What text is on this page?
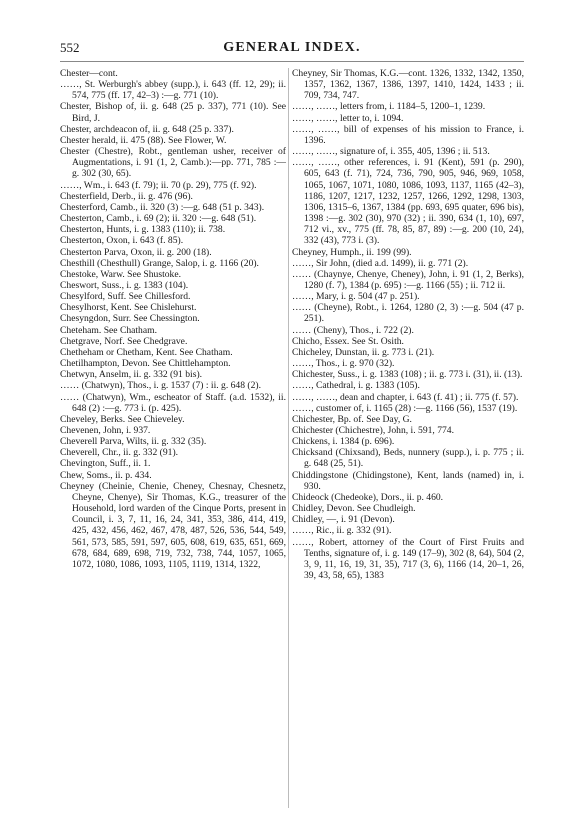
552	GENERAL INDEX.

Chester—cont.

……, St. Werburgh's abbey (supp.), i. 643 (ff. 12, 29); ii. 574, 775 (ff. 17, 42–3) :—g. 771 (10).

Chester, Bishop of, ii. g. 648 (25 p. 337), 771 (10). See Bird, J.

Chester, archdeacon of, ii. g. 648 (25 p. 337).

Chester herald, ii. 475 (88). See Flower, W.

Chester (Chestre), Robt., gentleman usher, receiver of Augmentations, i. 91 (1, 2, Camb.):—pp. 771, 785 :—g. 302 (30, 65).

……, Wm., i. 643 (f. 79); ii. 70 (p. 29), 775 (f. 92).

Chesterfield, Derb., ii. g. 476 (96).

Chesterford, Camb., ii. 320 (3) :—g. 648 (51 p. 343).

Chesterton, Camb., i. 69 (2); ii. 320 :—g. 648 (51).

Chesterton, Hunts, i. g. 1383 (110); ii. 738.

Chesterton, Oxon, i. 643 (f. 85).

Chesterton Parva, Oxon, ii. g. 200 (18).

Chesthill (Chesthull) Grange, Salop, i. g. 1166 (20).

Chestoke, Warw. See Shustoke.

Cheswort, Suss., i. g. 1383 (104).

Chesylford, Suff. See Chillesford.

Chesylhorst, Kent. See Chislehurst.

Chesyngdon, Surr. See Chessington.

Cheteham. See Chatham.

Chetgrave, Norf. See Chedgrave.

Chetheham or Chetham, Kent. See Chatham.

Chetilhampton, Devon. See Chittlehampton.

Chetwyn, Anselm, ii. g. 332 (91 bis).

…… (Chatwyn), Thos., i. g. 1537 (7) : ii. g. 648 (2).

…… (Chatwyn), Wm., escheator of Staff. (a.d. 1532), ii. 648 (2) :—g. 773 i. (p. 425).

Cheveley, Berks. See Chieveley.

Chevenen, John, i. 937.

Cheverell Parva, Wilts, ii. g. 332 (35).

Cheverell, Chr., ii. g. 332 (91).

Chevington, Suff., ii. 1.

Chew, Soms., ii. p. 434.

Cheyney (Cheinie, Chenie, Cheney, Chesnay, Chesnetz, Cheyne, Chenye), Sir Thomas, K.G., treasurer of the Household, lord warden of the Cinque Ports, present in Council, i. 3, 7, 11, 16, 24, 341, 353, 386, 414, 419, 425, 432, 456, 462, 467, 478, 487, 526, 536, 544, 549, 561, 573, 585, 591, 597, 605, 608, 619, 635, 651, 669, 678, 684, 689, 698, 719, 732, 738, 744, 1057, 1065, 1072, 1080, 1086, 1093, 1105, 1119, 1314, 1322,

Cheyney, Sir Thomas, K.G.—cont. 1326, 1332, 1342, 1350, 1357, 1362, 1367, 1386, 1397, 1410, 1424, 1433 ; ii. 709, 734, 747.

……, ……, letters from, i. 1184–5, 1200–1, 1239.

……, ……, letter to, i. 1094.

……, ……, bill of expenses of his mission to France, i. 1396.

……, ……, signature of, i. 355, 405, 1396 ; ii. 513.

……, ……, other references, i. 91 (Kent), 591 (p. 290), 605, 643 (f. 71), 724, 736, 790, 905, 946, 969, 1058, 1065, 1067, 1071, 1080, 1086, 1093, 1137, 1165 (42–3), 1186, 1207, 1217, 1232, 1257, 1266, 1292, 1298, 1303, 1306, 1315–6, 1367, 1384 (pp. 693, 695 quater, 696 bis), 1398 :—g. 302 (30), 970 (32) ; ii. 390, 634 (1, 10), 697, 712 vi., xv., 775 (ff. 78, 85, 87, 89) :—g. 200 (10, 24), 332 (43), 773 i. (3).

Cheyney, Humph., ii. 199 (99).

……, Sir John, (died a.d. 1499), ii. g. 771 (2).

…… (Chaynye, Chenye, Cheney), John, i. 91 (1, 2, Berks), 1280 (f. 7), 1384 (p. 695) :—g. 1166 (55) ; ii. 712 ii.

……, Mary, i. g. 504 (47 p. 251).

…… (Cheyne), Robt., i. 1264, 1280 (2, 3) :—g. 504 (47 p. 251).

…… (Cheny), Thos., i. 722 (2).

Chicho, Essex. See St. Osith.

Chicheley, Dunstan, ii. g. 773 i. (21).

……, Thos., i. g. 970 (32).

Chichester, Suss., i. g. 1383 (108) ; ii. g. 773 i. (31), ii. (13).

……, Cathedral, i. g. 1383 (105).

……, ……, dean and chapter, i. 643 (f. 41) ; ii. 775 (f. 57).

……, customer of, i. 1165 (28) :—g. 1166 (56), 1537 (19).

Chichester, Bp. of. See Day, G.

Chichester (Chichestre), John, i. 591, 774.

Chickens, i. 1384 (p. 696).

Chicksand (Chixsand), Beds, nunnery (supp.), i. p. 775 ; ii. g. 648 (25, 51).

Chiddingstone (Chidingstone), Kent, lands (named) in, i. 930.

Chideock (Chedeoke), Dors., ii. p. 460.

Chidley, Devon. See Chudleigh.

Chidley, —, i. 91 (Devon).

……, Ric., ii. g. 332 (91).

……, Robert, attorney of the Court of First Fruits and Tenths, signature of, i. g. 149 (17–9), 302 (8, 64), 504 (2, 3, 9, 11, 16, 19, 31, 35), 717 (3, 6), 1166 (14, 20–1, 26, 39, 43, 58, 65), 1383
